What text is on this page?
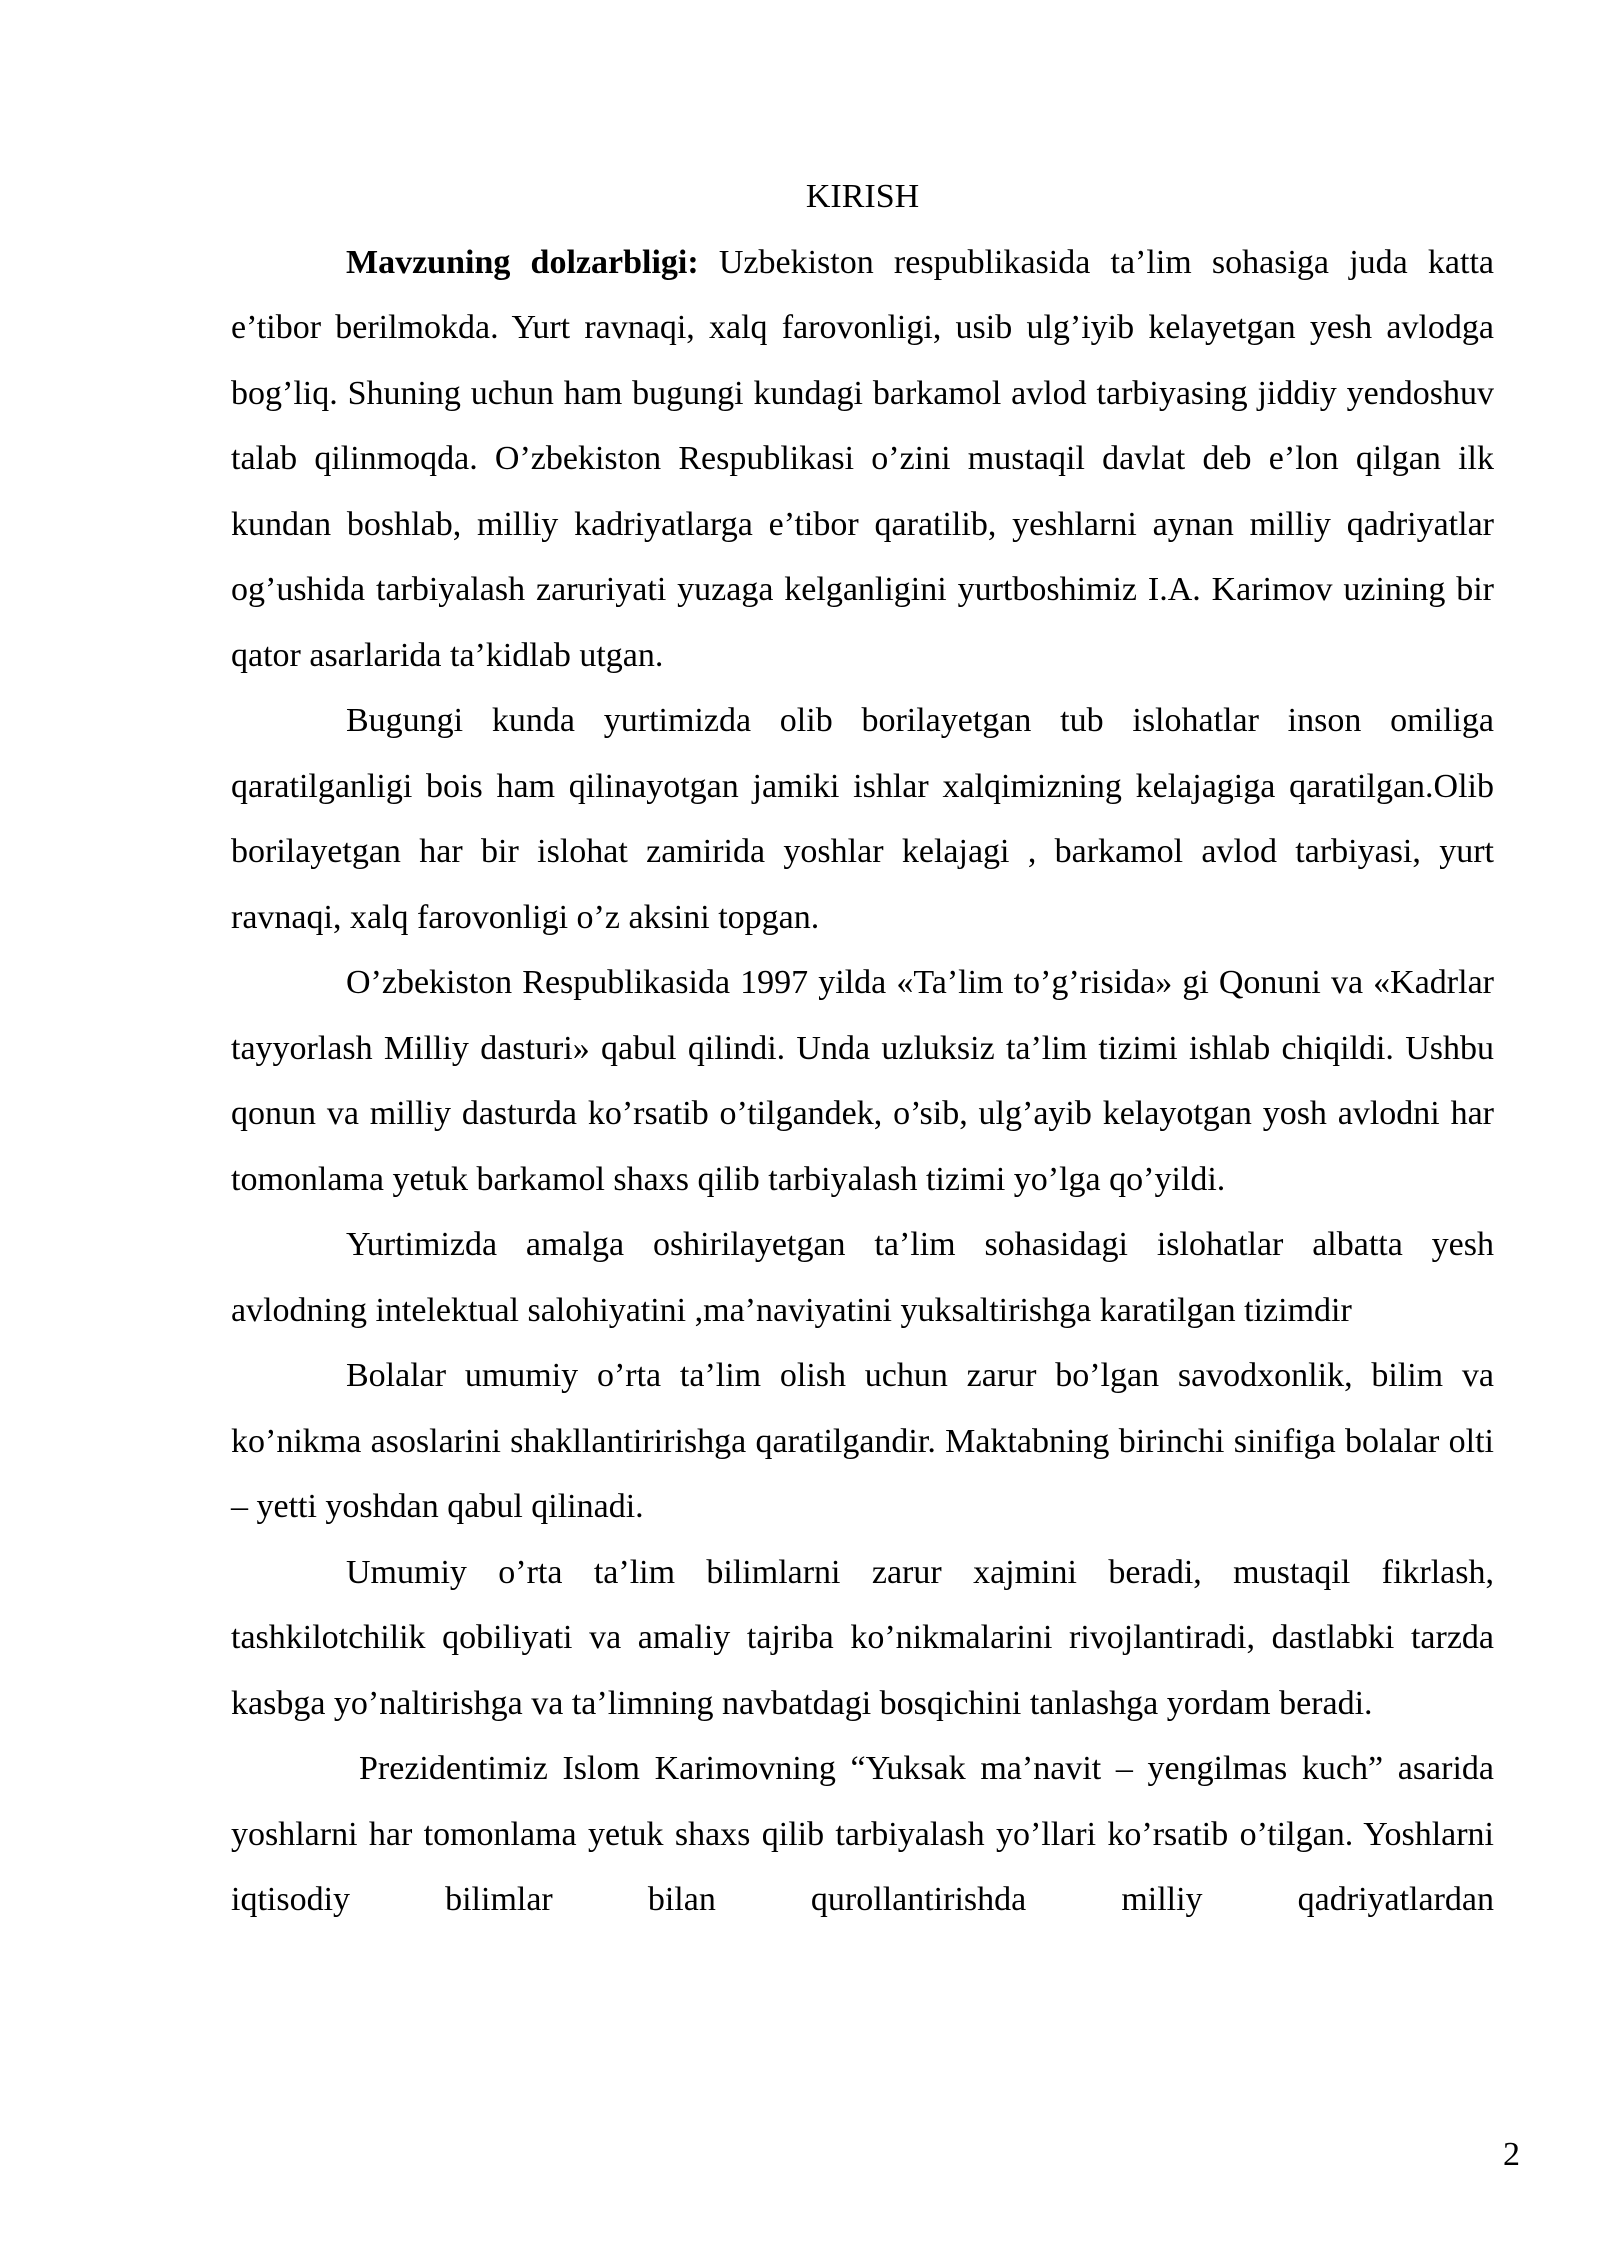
KIRISH

Mavzuning dolzarbligi: Uzbekiston respublikasida ta’lim sohasiga juda katta e’tibor berilmokda. Yurt ravnaqi, xalq farovonligi, usib ulg’iyib kelayetgan yesh avlodga bog’liq. Shuning uchun ham bugungi kundagi barkamol avlod tarbiyasing jiddiy yendoshuv talab qilinmoqda. O’zbekiston Respublikasi o’zini mustaqil davlat deb e’lon qilgan ilk kundan boshlab, milliy kadriyatlarga e’tibor qaratilib, yeshlarni aynan milliy qadriyatlar og’ushida tarbiyalash zaruriyati yuzaga kelganligini yurtboshimiz I.A. Karimov uzining bir qator asarlarida ta’kidlab utgan.

Bugungi kunda yurtimizda olib borilayetgan tub islohatlar inson omiliga qaratilganligi bois ham qilinayotgan jamiki ishlar xalqimizning kelajagiga qaratilgan.Olib borilayetgan har bir islohat zamirida yoshlar kelajagi , barkamol avlod tarbiyasi, yurt ravnaqi, xalq farovonligi o’z aksini topgan.

O’zbekiston Respublikasida 1997 yilda «Ta’lim to’g’risida» gi Qonuni va «Kadrlar tayyorlash Milliy dasturi» qabul qilindi. Unda uzluksiz ta’lim tizimi ishlab chiqildi. Ushbu qonun va milliy dasturda ko’rsatib o’tilgandek, o’sib, ulg’ayib kelayotgan yosh avlodni har tomonlama yetuk barkamol shaxs qilib tarbiyalash tizimi yo’lga qo’yildi.

Yurtimizda amalga oshirilayetgan ta’lim sohasidagi islohatlar albatta yesh avlodning intelektual salohiyatini ,ma’naviyatini yuksaltirishga karatilgan tizimdir

Bolalar umumiy o’rta ta’lim olish uchun zarur bo’lgan savodxonlik, bilim va ko’nikma asoslarini shakllantiririshga qaratilgandir. Maktabning birinchi sinifiga bolalar olti – yetti yoshdan qabul qilinadi.

Umumiy o’rta ta’lim bilimlarni zarur xajmini beradi, mustaqil fikrlash, tashkilotchilik qobiliyati va amaliy tajriba ko’nikmalarini rivojlantiradi, dastlabki tarzda kasbga yo’naltirishga va ta’limning navbatdagi bosqichini tanlashga yordam beradi.

Prezidentimiz Islom Karimovning “Yuksak ma’navit – yengilmas kuch” asarida yoshlarni har tomonlama yetuk shaxs qilib tarbiyalash yo’llari ko’rsatib o’tilgan. Yoshlarni iqtisodiy bilimlar bilan qurollantirishda milliy qadriyatlardan

2
